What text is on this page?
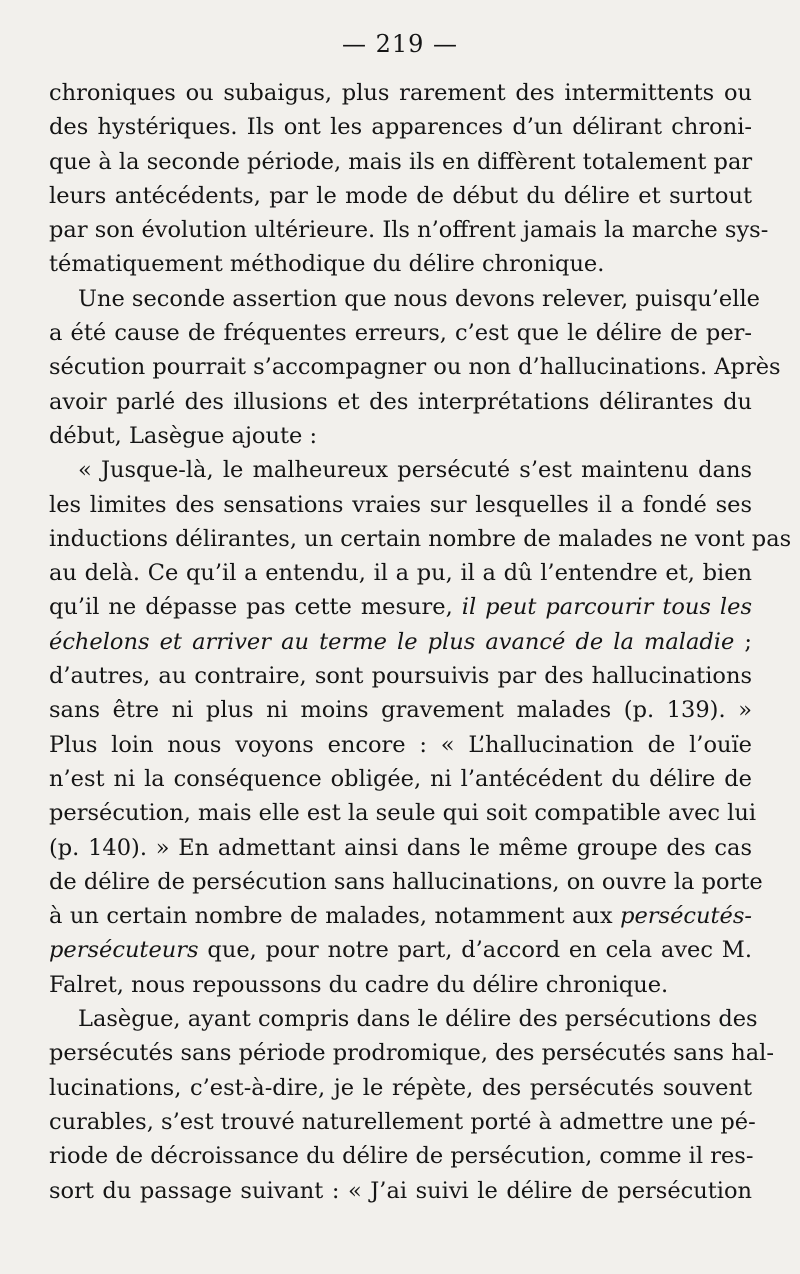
— 219 —
chroniques ou subaigus, plus rarement des intermittents ou
des hystériques. Ils ont les apparences d’un délirant chroni-
que à la seconde période, mais ils en diffèrent totalement par
leurs antécédents, par le mode de début du délire et surtout
par son évolution ultérieure. Ils n’offrent jamais la marche sys-
tématiquement méthodique du délire chronique.
Une seconde assertion que nous devons relever, puisqu’elle
a été cause de fréquentes erreurs, c’est que le délire de per-
sécution pourrait s’accompagner ou non d’hallucinations. Après
avoir parlé des illusions et des interprétations délirantes du
début, Lasègue ajoute :
« Jusque-là, le malheureux persécuté s’est maintenu dans
les limites des sensations vraies sur lesquelles il a fondé ses
inductions délirantes, un certain nombre de malades ne vont pas
au delà. Ce qu’il a entendu, il a pu, il a dû l’entendre et, bien
qu’il ne dépasse pas cette mesure, il peut parcourir tous les
échelons et arriver au terme le plus avancé de la maladie ;
d’autres, au contraire, sont poursuivis par des hallucinations
sans être ni plus ni moins gravement malades (p. 139). »
Plus loin nous voyons encore : « L’hallucination de l’ouïe
n’est ni la conséquence obligée, ni l’antécédent du délire de
persécution, mais elle est la seule qui soit compatible avec lui
(p. 140). » En admettant ainsi dans le même groupe des cas
de délire de persécution sans hallucinations, on ouvre la porte
à un certain nombre de malades, notamment aux persécutés-
persécuteurs que, pour notre part, d’accord en cela avec M.
Falret, nous repoussons du cadre du délire chronique.
Lasègue, ayant compris dans le délire des persécutions des
persécutés sans période prodromique, des persécutés sans hal-
lucinations, c’est-à-dire, je le répète, des persécutés souvent
curables, s’est trouvé naturellement porté à admettre une pé-
riode de décroissance du délire de persécution, comme il res-
sort du passage suivant : « J’ai suivi le délire de persécution
